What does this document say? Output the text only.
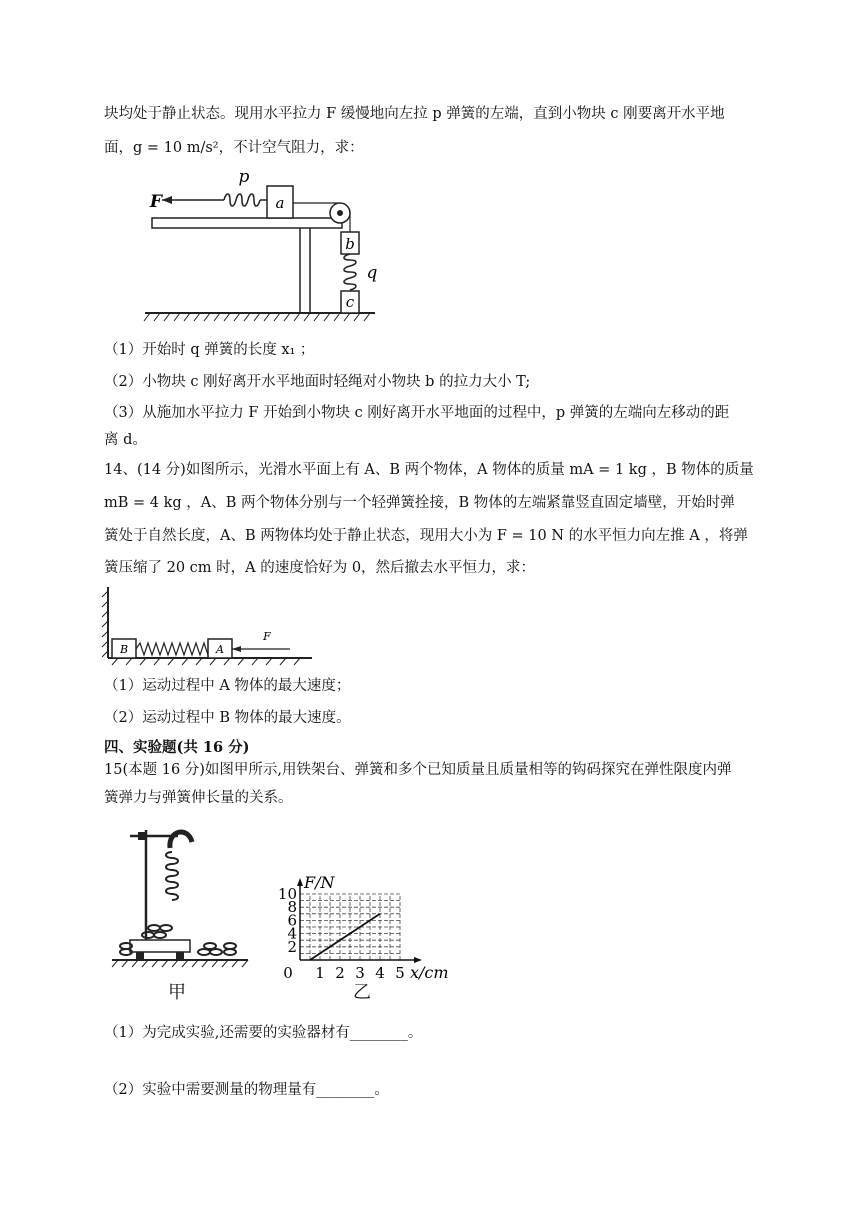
块均处于静止状态。现用水平拉力 F 缓慢地向左拉 p 弹簧的左端，直到小物块 c 刚要离开水平地
面，g = 10 m/s²，不计空气阻力，求：
a
p
F
b
q
c
（1）开始时 q 弹簧的长度 x₁ ；
（2）小物块 c 刚好离开水平地面时轻绳对小物块 b 的拉力大小 T;
（3）从施加水平拉力 F 开始到小物块 c 刚好离开水平地面的过程中，p 弹簧的左端向左移动的距
离 d。
14、(14 分)如图所示，光滑水平面上有 A、B 两个物体，A 物体的质量 mA = 1 kg ，B 物体的质量
mB = 4 kg ，A、B 两个物体分别与一个轻弹簧拴接，B 物体的左端紧靠竖直固定墙壁，开始时弹
簧处于自然长度，A、B 两物体均处于静止状态，现用大小为 F = 10 N 的水平恒力向左推 A ，将弹
簧压缩了 20 cm 时，A 的速度恰好为 0，然后撤去水平恒力，求：
B	A
F
（1）运动过程中 A 物体的最大速度；
（2）运动过程中 B 物体的最大速度。
四、实验题(共 16 分)
15(本题 16 分)如图甲所示,用铁架台、弹簧和多个已知质量且质量相等的钩码探究在弹性限度内弹
簧弹力与弹簧伸长量的关系。
甲
0 1 2 3 4 5
2
4
6
8
10
F/N
x/cm
乙
（1）为完成实验,还需要的实验器材有________。
（2）实验中需要测量的物理量有________。
